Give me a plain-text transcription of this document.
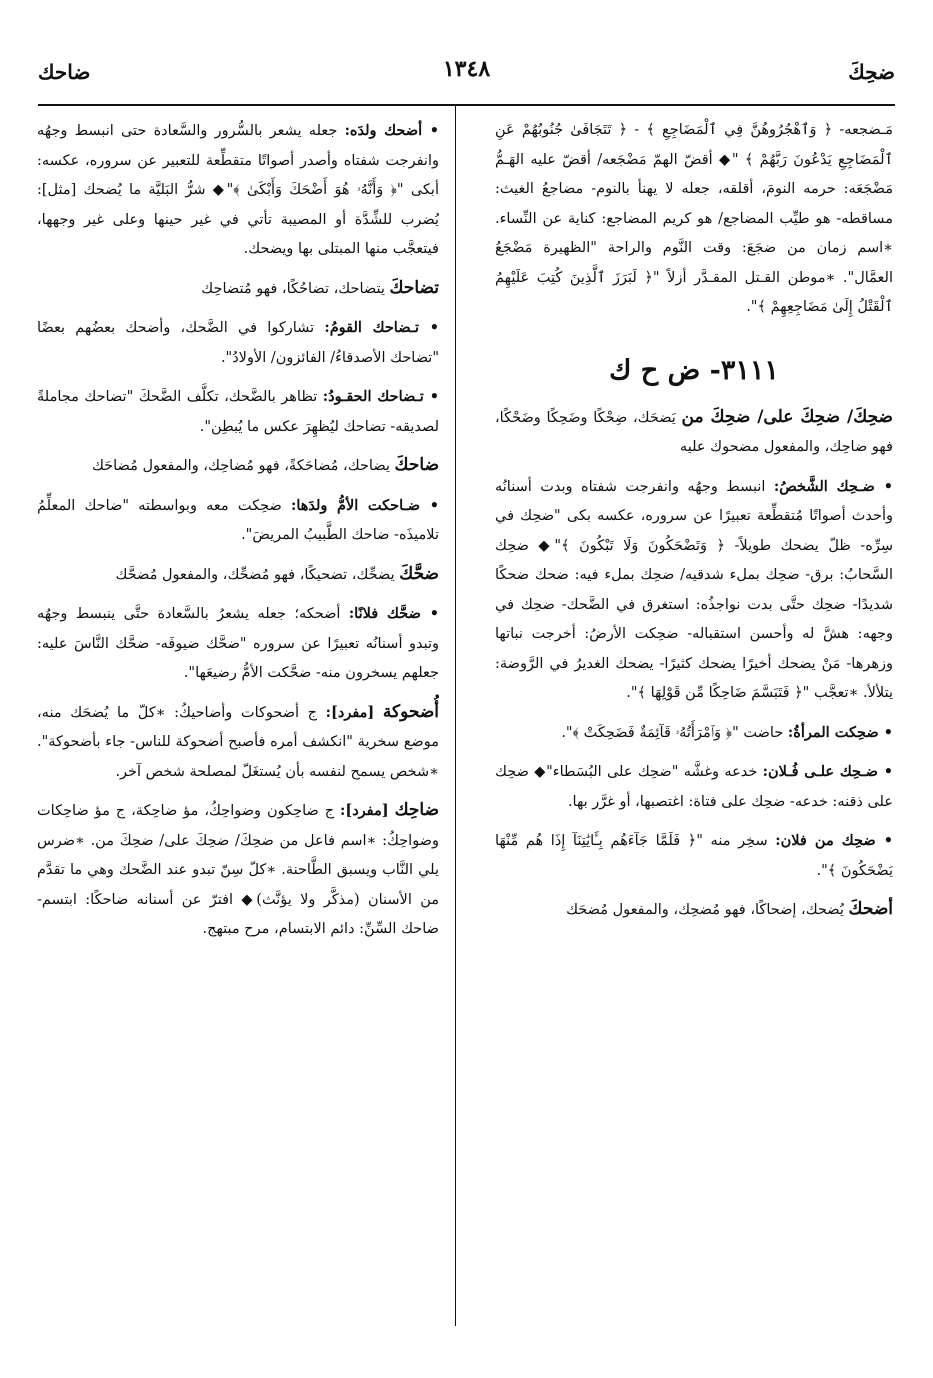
ضحِكَ
١٣٤٨
ضاحك

مَـضجعه- ﴿ وَٱهْجُرُوهُنَّ فِي ٱلْمَضَاجِعِ ﴾ - ﴿ تَتَجَافَىٰ جُنُوبُهُمْ عَنِ ٱلْمَضَاجِعِ يَدْعُونَ رَبَّهُمْ ﴾ "◆ أقضّ الهمّ مَضْجَعه/ أقضّ عليه الهَـمُّ مَضْجَعَه: حرمه النومَ، أقلقه، جعله لا يهنأ بالنوم- مضاجعُ الغيث: مساقطه- هو طيِّب المضاجع/ هو كريم المضاجع: كناية عن النِّساء. ∗اسم زمان من ضجَعَ: وقت النَّوم والراحة "الظهيرة مَضْجَعُ العمَّال". ∗موطن القـتل المقـدَّر أزلاً "﴿ لَبَرَزَ ٱلَّذِينَ كُتِبَ عَلَيْهِمُ ٱلْقَتْلُ إِلَىٰ مَضَاجِعِهِمْ ﴾".

٣١١١- ض ح ك

ضحِكَ/ ضحِكَ على/ ضحِكَ من يَضحَك، ضِحْكًا وضَحِكًا وضَحْكًا، فهو ضاحِك، والمفعول مضحوك عليه

• ضـحِك الشَّخصُ: انبسط وجهُه وانفرجت شفتاه وبدت أسنانُه وأحدث أصواتًا مُتقطِّعة تعبيرًا عن سروره، عكسه بكى "ضحِك في سِرِّه- ظلّ يضحك طويلاً- ﴿ وَتَضْحَكُونَ وَلَا تَبْكُونَ ﴾"◆ ضحِك السَّحابُ: برق- ضحِك بملء شدقيه/ ضحِك بملء فيه: ضحك ضحكًا شديدًا- ضحِك حتَّى بدت نواجذُه: استغرق في الضَّحك- ضحِك في وجهه: هشَّ له وأحسن استقباله- ضحِكت الأرضُ: أخرجت نباتها وزهرها- مَنْ يضحك أخيرًا يضحك كثيرًا- يضحك الغديرُ في الرَّوضة: يتلألأ. ∗تعجَّب "﴿ فَتَبَسَّمَ ضَاحِكًا مِّن قَوْلِهَا ﴾".

• ضحِكت المرأةُ: حاضت "﴿ وَٱمْرَأَتُهُۥ قَآئِمَةٌ فَضَحِكَتْ ﴾".

• ضـحِك علـى فُـلان: خدعه وغشَّه "ضحِك على البُسَطاء"◆ ضحِك على ذقنه: خدعه- ضحِك على فتاة: اغتصبها، أو غرَّر بها.

• ضحِك من فلان: سخِر منه "﴿ فَلَمَّا جَآءَهُم بِـَٔايَٰتِنَآ إِذَا هُم مِّنْهَا يَضْحَكُونَ ﴾".

أضحكَ يُضحك، إضحاكًا، فهو مُضحِك، والمفعول مُضحَك

• أضحك ولدَه: جعله يشعر بالسُّرور والسَّعادة حتى انبسط وجهُه وانفرجت شفتاه وأصدر أصواتًا متقطِّعة للتعبير عن سروره، عكسه: أبكى "﴿ وَأَنَّهُۥ هُوَ أَضْحَكَ وَأَبْكَىٰ ﴾"◆ شرُّ البَليَّة ما يُضحك [مثل]: يُضرب للشِّدَّة أو المصيبة تأتي في غير حينها وعلى غير وجهها، فيتعجَّب منها المبتلى بها ويضحك.

تضاحكَ يتضاحك، تضاحُكًا، فهو مُتضاحِك

• تـضاحك القومُ: تشاركوا في الضَّحك، وأضحك بعضُهم بعضًا "تضاحك الأصدقاءُ/ الفائزون/ الأولادُ".

• تـضاحك الحقـودُ: تظاهر بالضَّحك، تكلَّف الضَّحكَ "تضاحك مجاملةً لصديقه- تضاحك ليُظهِرَ عكس ما يُبطِن".

ضاحكَ يضاحك، مُضاحَكةً، فهو مُضاحِك، والمفعول مُضاحَك

• ضـاحكت الأمُّ ولدَها: ضحِكت معه وبواسطته "ضاحك المعلِّمُ تلاميذَه- ضاحك الطَّبيبُ المريضَ".

ضحَّكَ يضحِّك، تضحيكًا، فهو مُضحِّك، والمفعول مُضحَّك

• ضحَّك فلانًا: أضحكه؛ جعله يشعرُ بالسَّعادة حتَّى ينبسط وجهُه وتبدو أسنانُه تعبيرًا عن سروره "ضحَّك ضيوفَه- ضحَّك النَّاسَ عليه: جعلهم يسخرون منه- ضحَّكت الأمُّ رضيعَها".

أُضحوكة [مفرد]: ج أضحوكات وأضاحيكُ: ∗كلّ ما يُضحَك منه، موضع سخرية "انكشف أمره فأصبح أضحوكة للناس- جاء بأضحوكة". ∗شخص يسمح لنفسه بأن يُستغَلّ لمصلحة شخص آخر.

ضاحِك [مفرد]: ج ضاحِكون وضواحِكُ، مؤ ضاحِكة، ج مؤ ضاحِكات وضواحِكُ: ∗اسم فاعل من ضحِكَ/ ضحِكَ على/ ضحِكَ من. ∗ضرس يلي النَّاب ويسبق الطَّاحنة. ∗كلّ سِنّ تبدو عند الضَّحك وهي ما تقدَّم من الأسنان (مذكَّر ولا يؤنَّث)◆ افترّ عن أسنانه ضاحكًا: ابتسم- ضاحك السِّنِّ: دائم الابتسام، مرح مبتهج.
